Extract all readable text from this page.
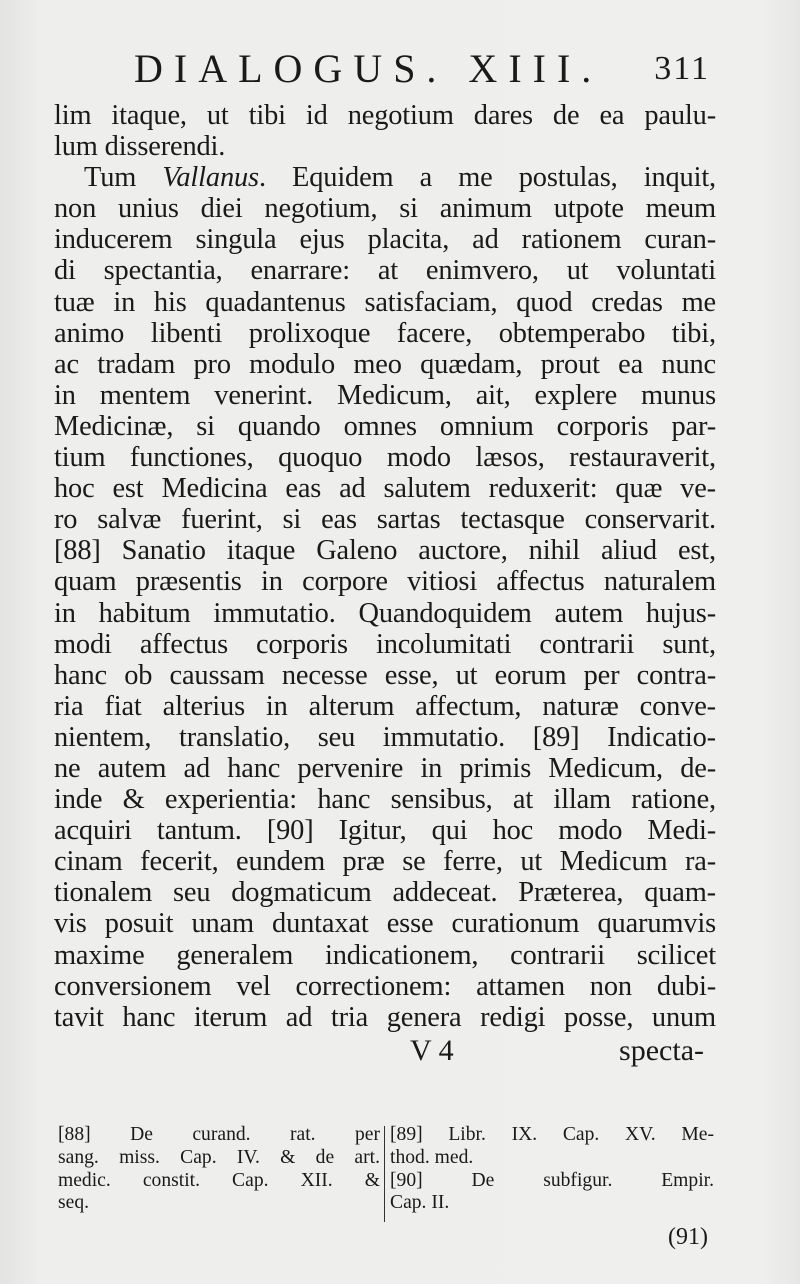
DIALOGUS. XIII. 311
lim itaque, ut tibi id negotium dares de ea paulu-
lum disserendi.
Tum Vallanus. Equidem a me postulas, inquit,
non unius diei negotium, si animum utpote meum
inducerem singula ejus placita, ad rationem curan-
di spectantia, enarrare: at enimvero, ut voluntati
tuæ in his quadantenus satisfaciam, quod credas me
animo libenti prolixoque facere, obtemperabo tibi,
ac tradam pro modulo meo quædam, prout ea nunc
in mentem venerint. Medicum, ait, explere munus
Medicinæ, si quando omnes omnium corporis par-
tium functiones, quoquo modo læsos, restauraverit,
hoc est Medicina eas ad salutem reduxerit: quæ ve-
ro salvæ fuerint, si eas sartas tectasque conservarit.
[88] Sanatio itaque Galeno auctore, nihil aliud est,
quam præsentis in corpore vitiosi affectus naturalem
in habitum immutatio. Quandoquidem autem hujus-
modi affectus corporis incolumitati contrarii sunt,
hanc ob caussam necesse esse, ut eorum per contra-
ria fiat alterius in alterum affectum, naturæ conve-
nientem, translatio, seu immutatio. [89] Indicatio-
ne autem ad hanc pervenire in primis Medicum, de-
inde & experientia: hanc sensibus, at illam ratione,
acquiri tantum. [90] Igitur, qui hoc modo Medi-
cinam fecerit, eundem præ se ferre, ut Medicum ra-
tionalem seu dogmaticum addeceat. Præterea, quam-
vis posuit unam duntaxat esse curationum quarumvis
maxime generalem indicationem, contrarii scilicet
conversionem vel correctionem: attamen non dubi-
tavit hanc iterum ad tria genera redigi posse, unum
V 4	specta-
[88] De curand. rat. per
sang. miss. Cap. IV. & de art.
medic. constit. Cap. XII. &
seq.
[89] Libr. IX. Cap. XV. Me-
thod. med.
[90] De subfigur. Empir.
Cap. II.
(91)
